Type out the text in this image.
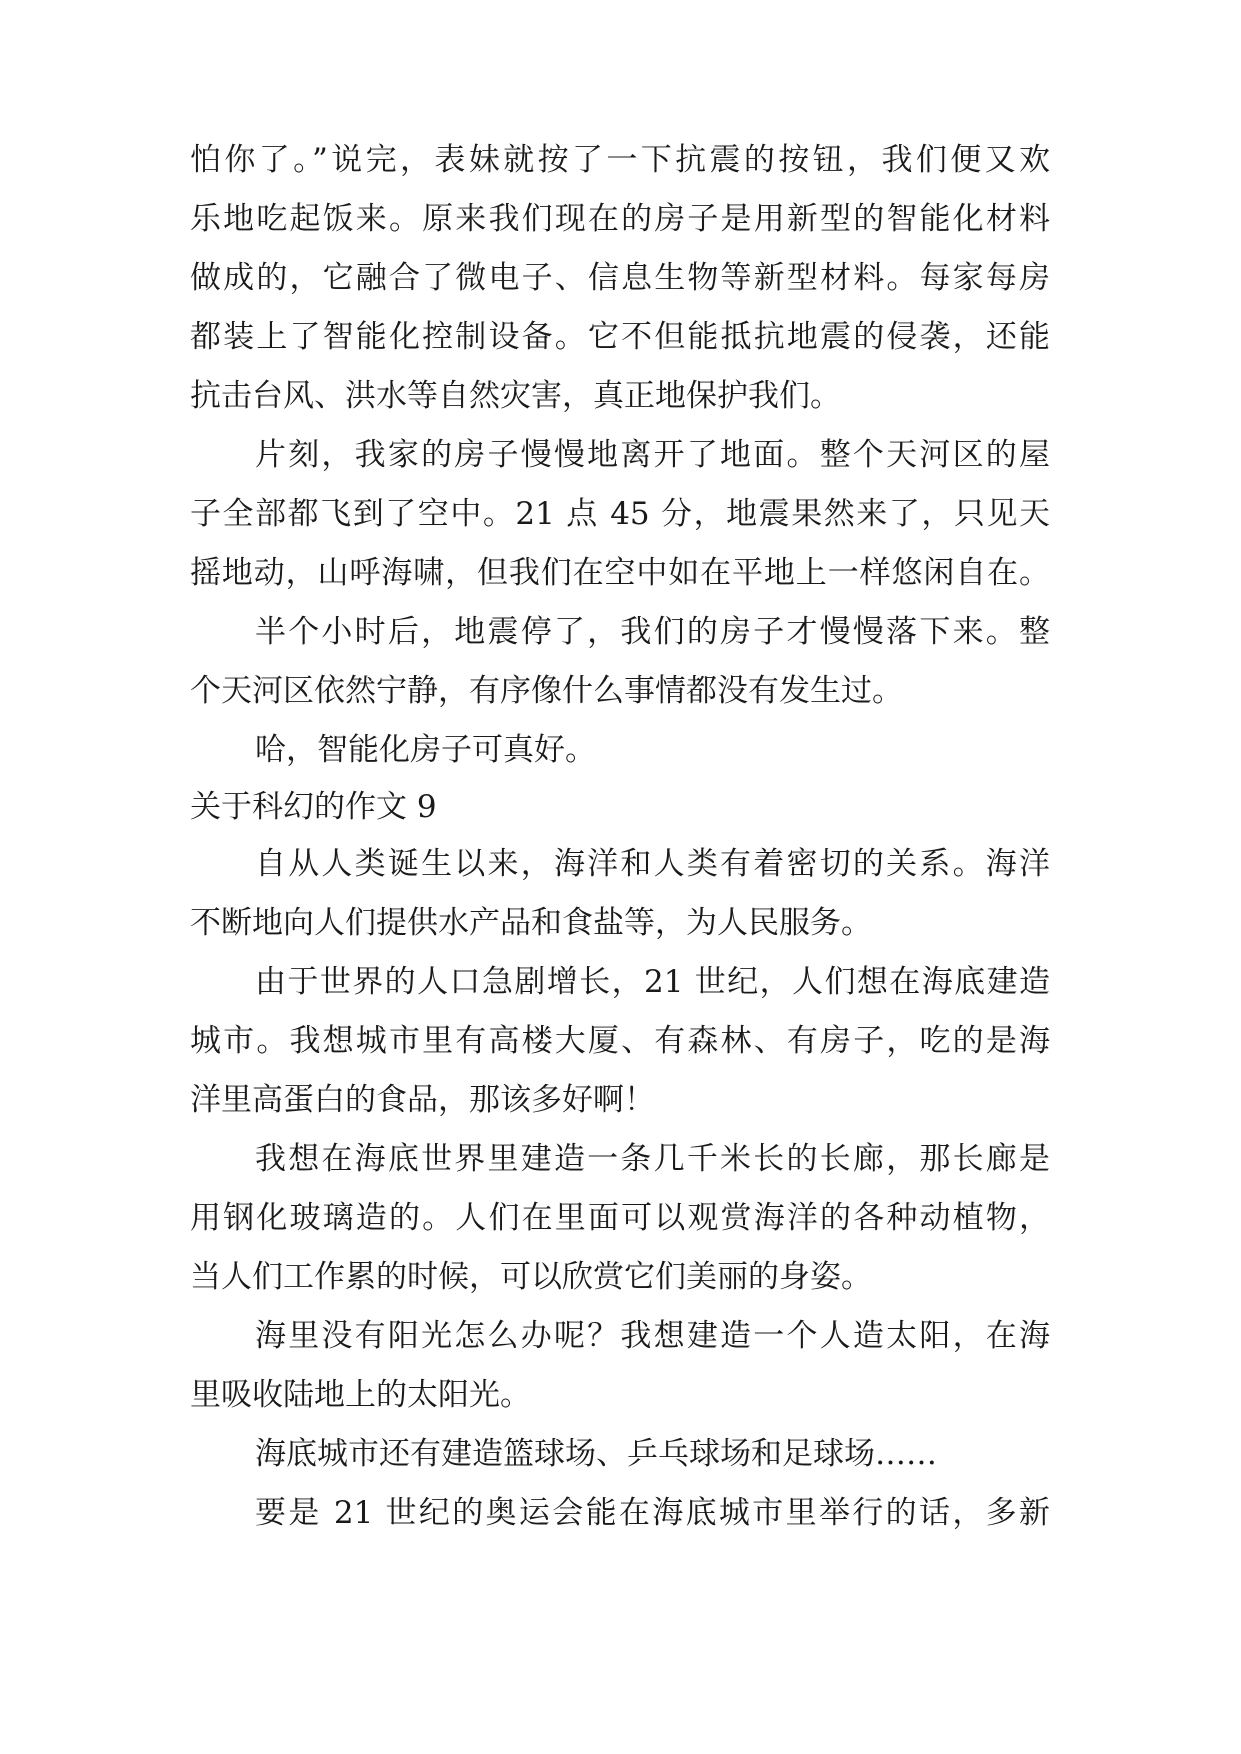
怕你了。”说完，表妹就按了一下抗震的按钮，我们便又欢
乐地吃起饭来。原来我们现在的房子是用新型的智能化材料
做成的，它融合了微电子、信息生物等新型材料。每家每房
都装上了智能化控制设备。它不但能抵抗地震的侵袭，还能
抗击台风、洪水等自然灾害，真正地保护我们。
片刻，我家的房子慢慢地离开了地面。整个天河区的屋
子全部都飞到了空中。21 点 45 分，地震果然来了，只见天
摇地动，山呼海啸，但我们在空中如在平地上一样悠闲自在。
半个小时后，地震停了，我们的房子才慢慢落下来。整
个天河区依然宁静，有序像什么事情都没有发生过。
哈，智能化房子可真好。
关于科幻的作文 9
自从人类诞生以来，海洋和人类有着密切的关系。海洋
不断地向人们提供水产品和食盐等，为人民服务。
由于世界的人口急剧增长，21 世纪，人们想在海底建造
城市。我想城市里有高楼大厦、有森林、有房子，吃的是海
洋里高蛋白的食品，那该多好啊！
我想在海底世界里建造一条几千米长的长廊，那长廊是
用钢化玻璃造的。人们在里面可以观赏海洋的各种动植物，
当人们工作累的时候，可以欣赏它们美丽的身姿。
海里没有阳光怎么办呢？我想建造一个人造太阳，在海
里吸收陆地上的太阳光。
海底城市还有建造篮球场、乒乓球场和足球场……
要是 21 世纪的奥运会能在海底城市里举行的话，多新
